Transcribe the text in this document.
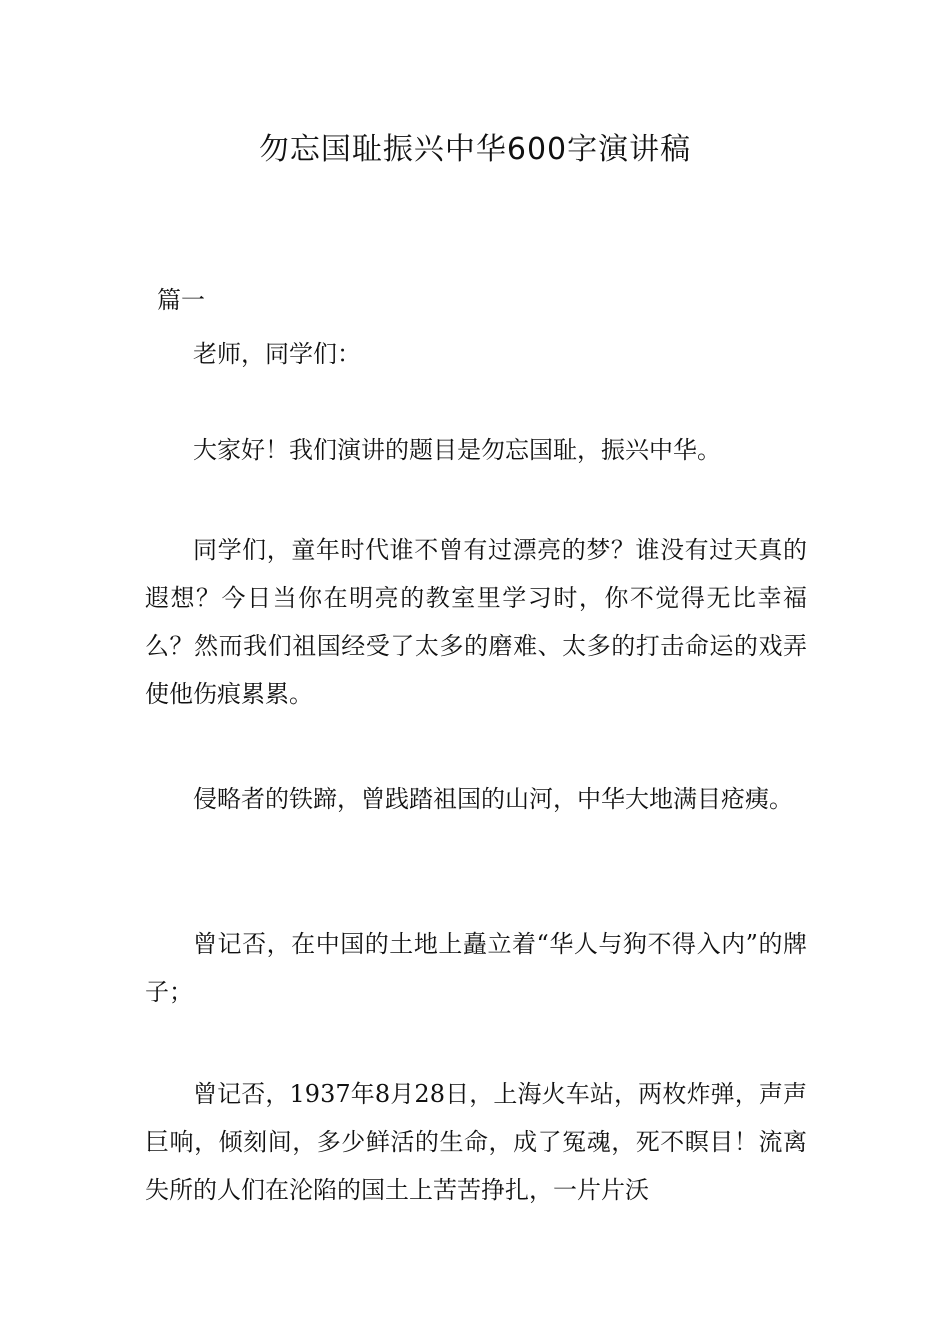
勿忘国耻振兴中华600字演讲稿
篇一

老师，同学们：

大家好！我们演讲的题目是勿忘国耻，振兴中华。

同学们，童年时代谁不曾有过漂亮的梦？谁没有过天真的遐想？今日当你在明亮的教室里学习时，你不觉得无比幸福么？然而我们祖国经受了太多的磨难、太多的打击命运的戏弄使他伤痕累累。

侵略者的铁蹄，曾践踏祖国的山河，中华大地满目疮痍。

曾记否，在中国的土地上矗立着“华人与狗不得入内”的牌子；

曾记否，1937年8月28日，上海火车站，两枚炸弹，声声巨响，倾刻间，多少鲜活的生命，成了冤魂，死不瞑目！流离失所的人们在沦陷的国土上苦苦挣扎，一片片沃
